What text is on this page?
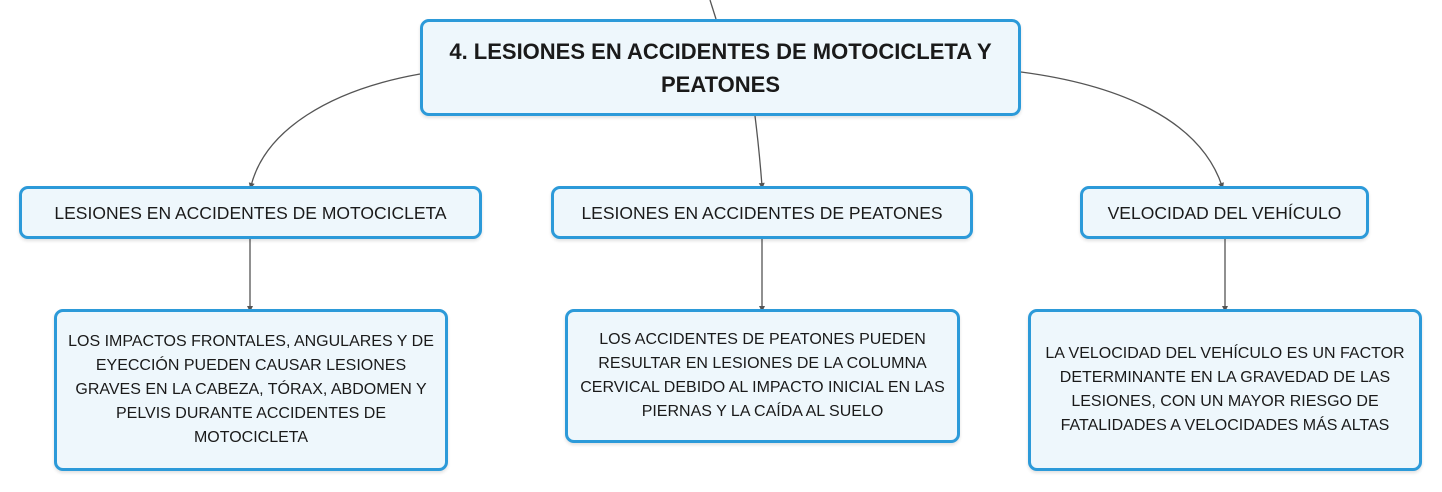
4. LESIONES EN ACCIDENTES DE MOTOCICLETA Y PEATONES
LESIONES EN ACCIDENTES DE MOTOCICLETA	LESIONES EN ACCIDENTES DE PEATONES	VELOCIDAD DEL VEHÍCULO
LOS IMPACTOS FRONTALES, ANGULARES Y DE EYECCIÓN PUEDEN CAUSAR LESIONES GRAVES EN LA CABEZA, TÓRAX, ABDOMEN Y PELVIS DURANTE ACCIDENTES DE MOTOCICLETA
LOS ACCIDENTES DE PEATONES PUEDEN RESULTAR EN LESIONES DE LA COLUMNA CERVICAL DEBIDO AL IMPACTO INICIAL EN LAS PIERNAS Y LA CAÍDA AL SUELO
LA VELOCIDAD DEL VEHÍCULO ES UN FACTOR DETERMINANTE EN LA GRAVEDAD DE LAS LESIONES, CON UN MAYOR RIESGO DE FATALIDADES A VELOCIDADES MÁS ALTAS
